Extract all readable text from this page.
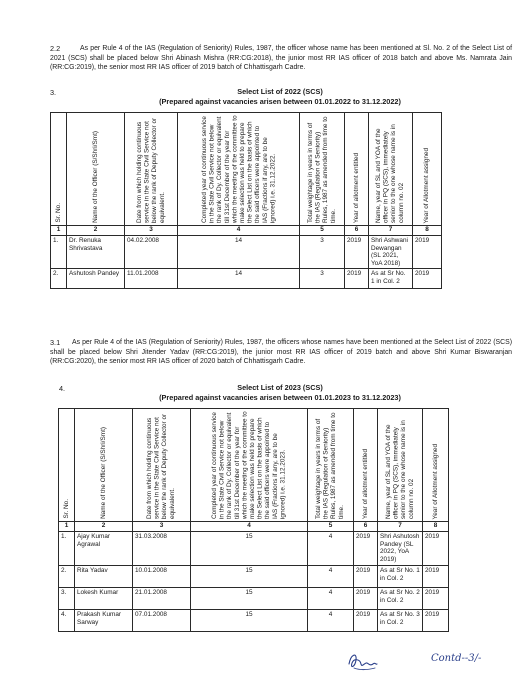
2.2	As per Rule 4 of the IAS (Regulation of Seniority) Rules, 1987, the officer whose name has been mentioned at Sl. No. 2 of the Select List of 2021 (SCS) shall be placed below Shri Abinash Mishra (RR:CG:2018), the junior most RR IAS officer of 2018 batch and above Ms. Namrata Jain (RR:CG:2019), the senior most RR IAS officer of 2019 batch of Chhattisgarh Cadre.

3.	Select List of 2022 (SCS)
(Prepared against vacancies arisen between 01.01.2022 to 31.12.2022)
Sr. No.	Name of the Officer (S/Shri/Smt)	Date from which holding continuous service in the State Civil Service not below the rank of Deputy Collector or equivalent.	Completed year of continuous service in the State Civil Service not below the rank of Dy. Collector or equivalent till 31st December of the year for which the meeting of the committee to make selection was held to prepare the Select List on the basis of which the said officers were appointed to IAS (Fractions if any, are to be ignored) i.e. 31.12.2022.	Total weightage in years in terms of the IAS (Regulation of Seniority) Rules, 1987 as amended from time to time.	Year of allotment entitled	Name, year of SL and YOA of the officer in PQ (SCS), immediately senior to the one whose name is in column no. 02	Year of Allotment assigned

1	2	3	4	5	6	7	8
1.	Dr. Renuka Shrivastava	04.02.2008	14	3	2019	Shri Ashwani Dewangan (SL 2021, YoA 2018)	2019
2.	Ashutosh Pandey	11.01.2008	14	3	2019	As at Sr No. 1 in Col. 2	2019
3.1	As per Rule 4 of the IAS (Regulation of Seniority) Rules, 1987, the officers whose names have been mentioned at the Select List of 2022 (SCS) shall be placed below Shri Jitender Yadav (RR:CG:2019), the junior most RR IAS officer of 2019 batch and above Shri Kumar Biswaranjan (RR:CG:2020), the senior most RR IAS officer of 2020 batch of Chhattisgarh Cadre.

4.	Select List of 2023 (SCS)
(Prepared against vacancies arisen between 01.01.2023 to 31.12.2023)
Sr. No.	Name of the Officer (S/Shri/Smt)	Date from which holding continuous service in the State Civil Service not below the rank of Deputy Collector or equivalent.	Completed year of continuous service in the State Civil Service not below the rank of Dy. Collector or equivalent till 31st December of the year for which the meeting of the committee to make selection was held to prepare the Select List on the basis of which the said officers were appointed to IAS (Fractions if any, are to be ignored) i.e. 31.12.2023.	Total weightage in years in terms of the IAS (Regulation of Seniority) Rules, 1987 as amended from time to time.	Year of allotment entitled	Name, year of SL and YOA of the officer in PQ (SCS), immediately senior to the one whose name is in column no. 02	Year of Allotment assigned

1	2	3	4	5	6	7	8
1.	Ajay Kumar Agrawal	31.03.2008	15	4	2019	Shri Ashutosh Pandey (SL 2022, YoA 2019)	2019
2.	Rita Yadav	10.01.2008	15	4	2019	As at Sr No. 1 in Col. 2	2019
3.	Lokesh Kumar	21.01.2008	15	4	2019	As at Sr No. 2 in Col. 2	2019
4.	Prakash Kumar Sarway	07.01.2008	15	4	2019	As at Sr No. 3 in Col. 2	2019
Contd--3/-
